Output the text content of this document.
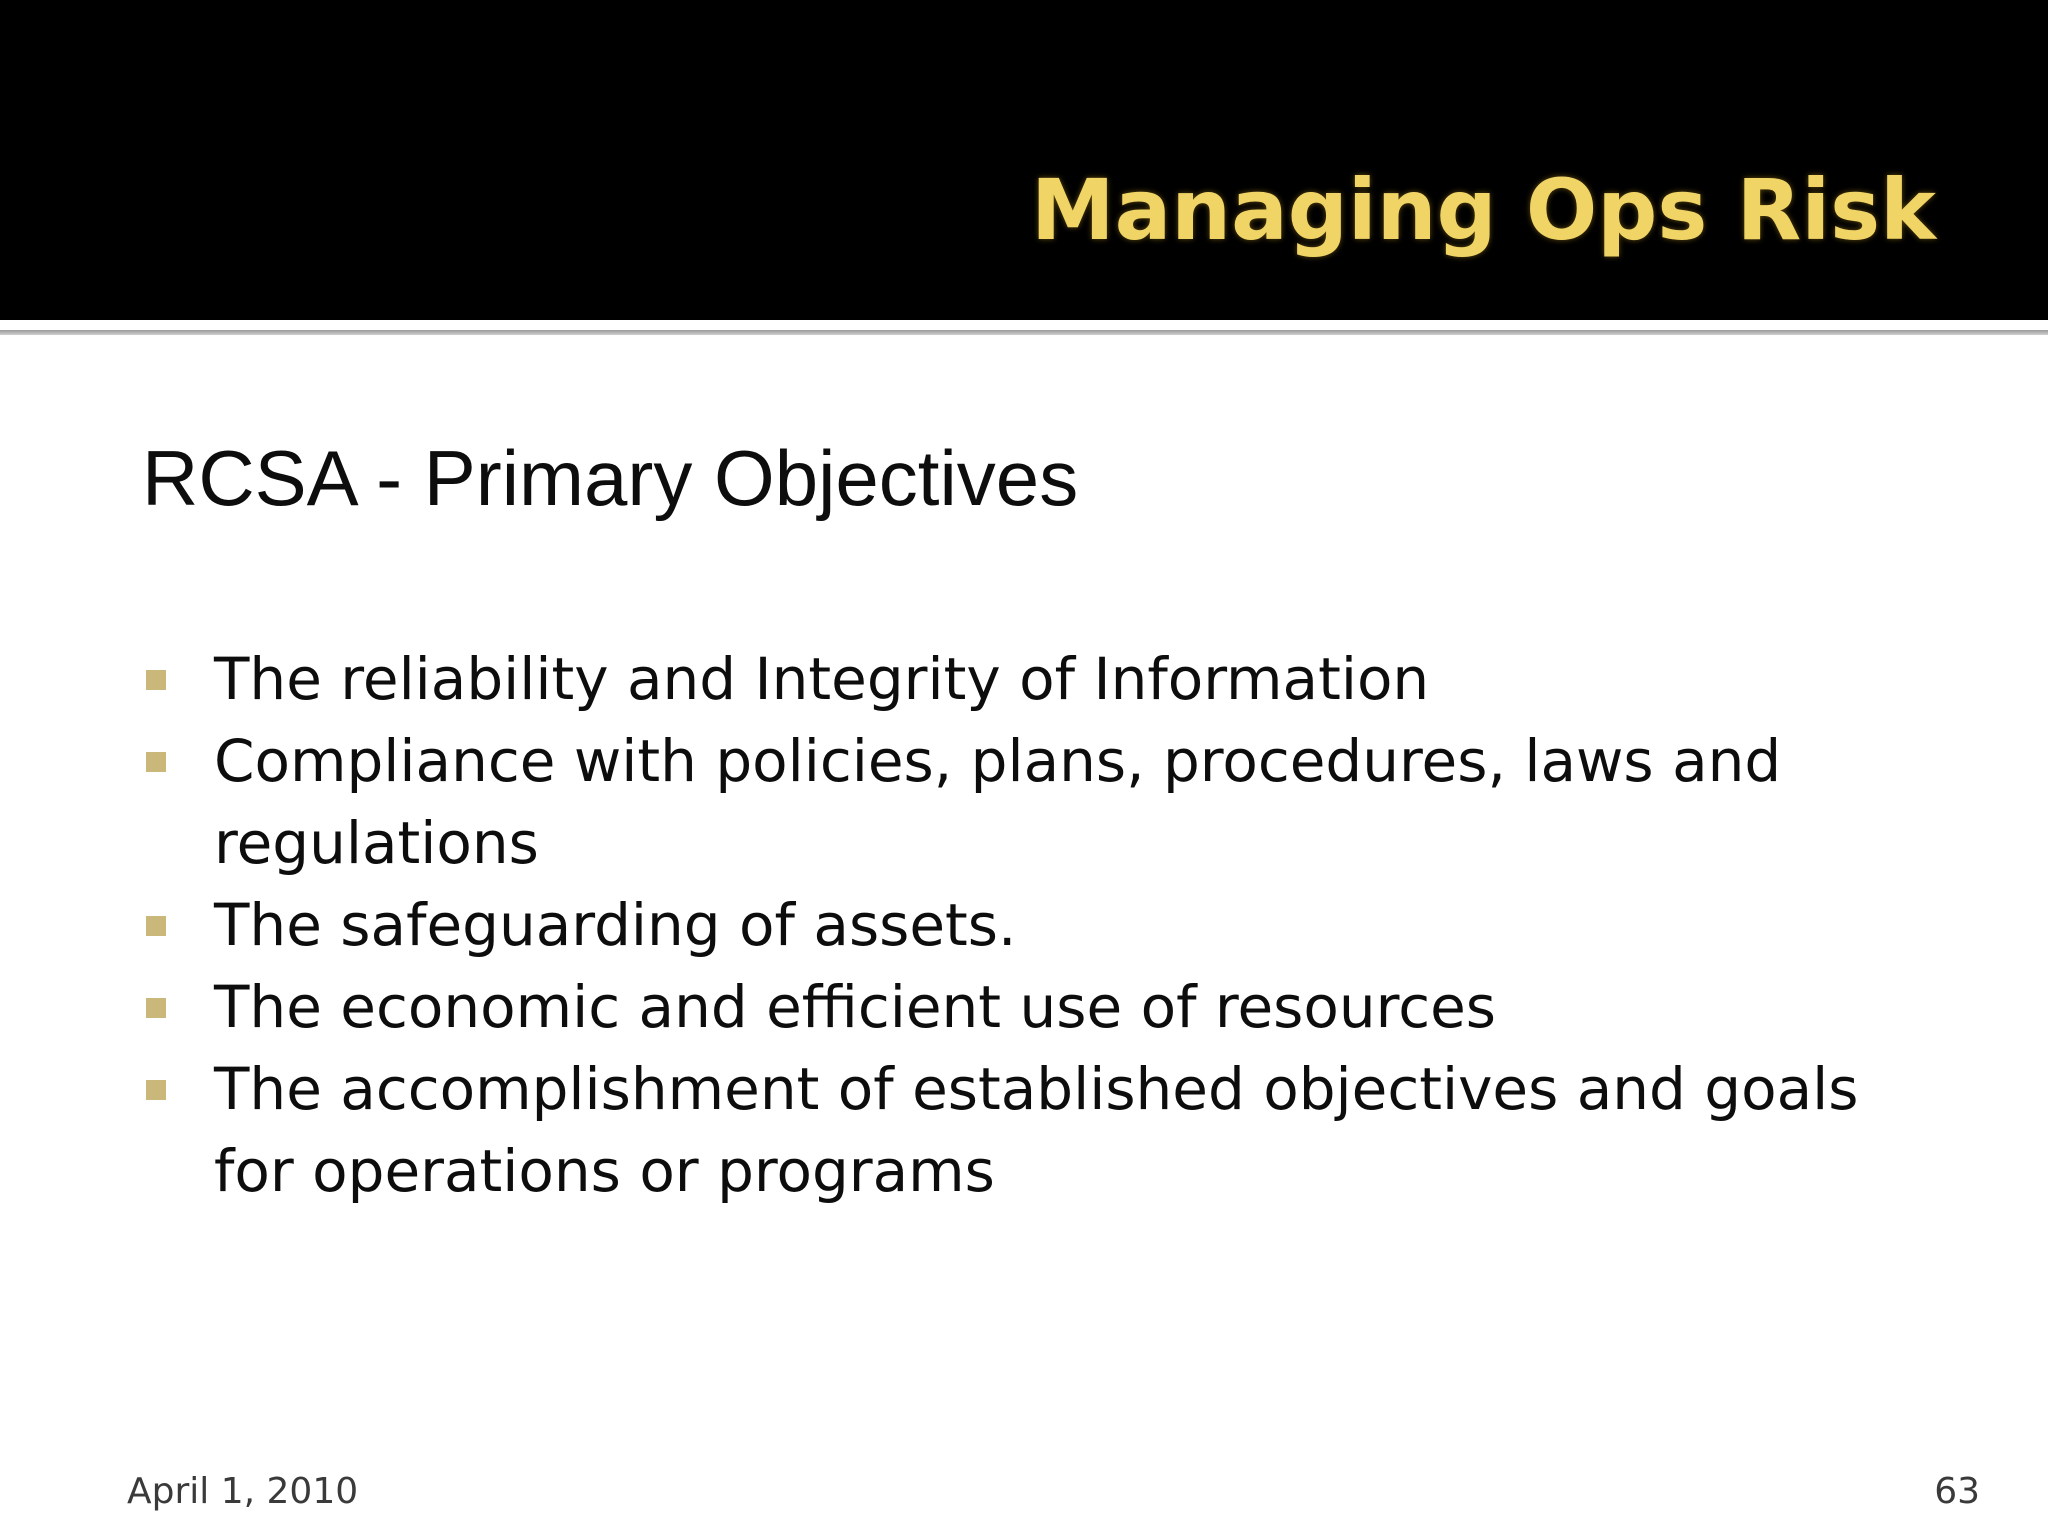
Managing Ops Risk
RCSA - Primary Objectives
The reliability and Integrity of Information
Compliance with policies, plans, procedures, laws and regulations
The safeguarding of assets.
The economic and efficient use of resources
The accomplishment of established objectives and goals for operations or programs
April 1, 2010	63
